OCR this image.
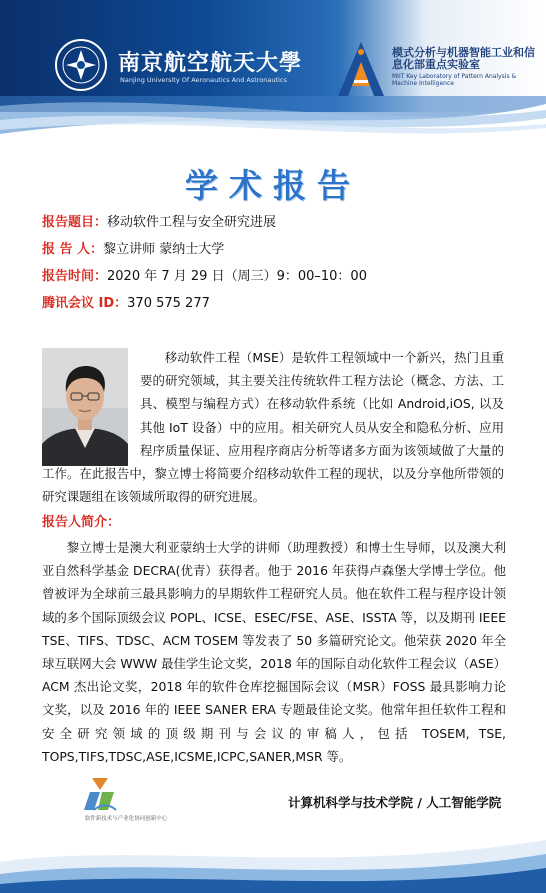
南京航空航天大學
Nanjing University Of Aeronautics And Astronautics
模式分析与机器智能工业和信息化部重点实验室
MIIT Key Laboratory of Pattern Analysis & Machine Intelligence
学术报告
报告题目：移动软件工程与安全研究进展
报 告 人：黎立讲师 蒙纳士大学
报告时间：2020 年 7 月 29 日（周三）9：00–10：00
腾讯会议 ID：370 575 277

移动软件工程（MSE）是软件工程领域中一个新兴，热门且重要的研究领域，其主要关注传统软件工程方法论（概念、方法、工具、模型与编程方式）在移动软件系统（比如 Android,iOS, 以及其他 IoT 设备）中的应用。相关研究人员从安全和隐私分析、应用程序质量保证、应用程序商店分析等诸多方面为该领域做了大量的工作。在此报告中，黎立博士将简要介绍移动软件工程的现状，以及分享他所带领的研究课题组在该领域所取得的研究进展。

报告人简介：

黎立博士是澳大利亚蒙纳士大学的讲师（助理教授）和博士生导师，以及澳大利亚自然科学基金 DECRA(优青）获得者。他于 2016 年获得卢森堡大学博士学位。他曾被评为全球前三最具影响力的早期软件工程研究人员。他在软件工程与程序设计领域的多个国际顶级会议 POPL、ICSE、ESEC/FSE、ASE、ISSTA 等，以及期刊 IEEE TSE、TIFS、TDSC、ACM TOSEM 等发表了 50 多篇研究论文。他荣获 2020 年全球互联网大会 WWW 最佳学生论文奖，2018 年的国际自动化软件工程会议（ASE）ACM 杰出论文奖，2018 年的软件仓库挖掘国际会议（MSR）FOSS 最具影响力论文奖，以及 2016 年的 IEEE SANER ERA 专题最佳论文奖。他常年担任软件工程和安全研究领域的顶级期刊与会议的审稿人，包括 TOSEM, TSE, TOPS,TIFS,TDSC,ASE,ICSME,ICPC,SANER,MSR 等。

软件新技术与产业化协同创新中心
计算机科学与技术学院 / 人工智能学院
